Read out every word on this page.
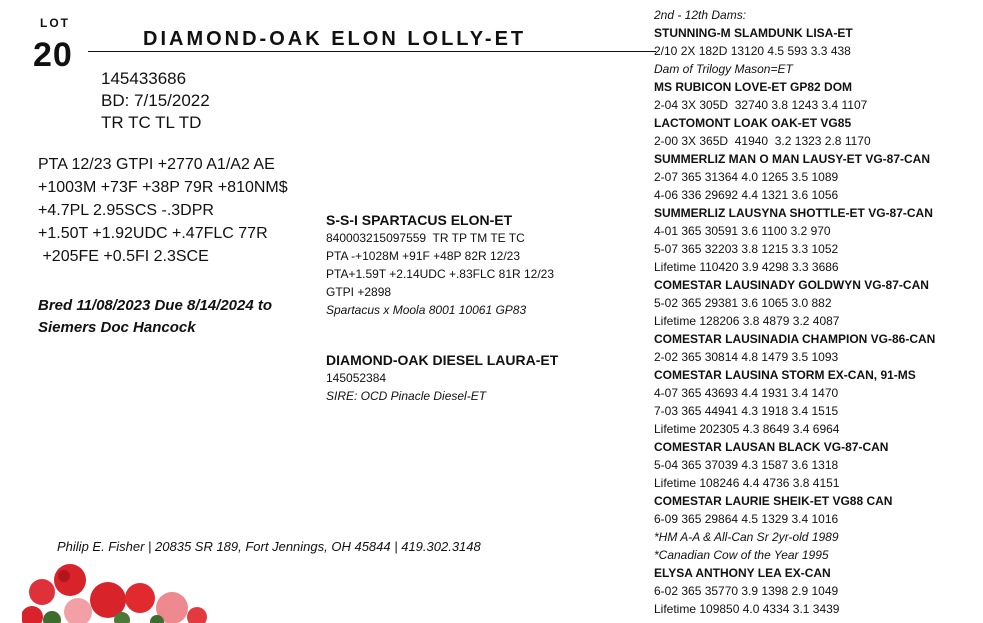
LOT
20	DIAMOND-OAK ELON LOLLY-ET
145433686
BD: 7/15/2022
TR TC TL TD
PTA 12/23 GTPI +2770 A1/A2 AE
+1003M +73F +38P 79R +810NM$
+4.7PL 2.95SCS -.3DPR
+1.50T +1.92UDC +.47FLC 77R
+205FE +0.5FI 2.3SCE
Bred 11/08/2023 Due 8/14/2024 to
Siemers Doc Hancock
S-S-I SPARTACUS ELON-ET
840003215097559  TR TP TM TE TC
PTA -+1028M +91F +48P 82R 12/23
PTA+1.59T +2.14UDC +.83FLC 81R 12/23
GTPI +2898
Spartacus x Moola 8001 10061 GP83
DIAMOND-OAK DIESEL LAURA-ET
145052384
SIRE: OCD Pinacle Diesel-ET
Philip E. Fisher | 20835 SR 189, Fort Jennings, OH 45844 | 419.302.3148
2nd - 12th Dams:
STUNNING-M SLAMDUNK LISA-ET
2/10 2X 182D 13120 4.5 593 3.3 438
Dam of Trilogy Mason=ET
MS RUBICON LOVE-ET GP82 DOM
2-04 3X 305D  32740 3.8 1243 3.4 1107
LACTOMONT LOAK OAK-ET VG85
2-00 3X 365D  41940  3.2 1323 2.8 1170
SUMMERLIZ MAN O MAN LAUSY-ET VG-87-CAN
2-07 365 31364 4.0 1265 3.5 1089
4-06 336 29692 4.4 1321 3.6 1056
SUMMERLIZ LAUSYNA SHOTTLE-ET VG-87-CAN
4-01 365 30591 3.6 1100 3.2 970
5-07 365 32203 3.8 1215 3.3 1052
Lifetime 110420 3.9 4298 3.3 3686
COMESTAR LAUSINADY GOLDWYN VG-87-CAN
5-02 365 29381 3.6 1065 3.0 882
Lifetime 128206 3.8 4879 3.2 4087
COMESTAR LAUSINADIA CHAMPION VG-86-CAN
2-02 365 30814 4.8 1479 3.5 1093
COMESTAR LAUSINA STORM EX-CAN, 91-MS
4-07 365 43693 4.4 1931 3.4 1470
7-03 365 44941 4.3 1918 3.4 1515
Lifetime 202305 4.3 8649 3.4 6964
COMESTAR LAUSAN BLACK VG-87-CAN
5-04 365 37039 4.3 1587 3.6 1318
Lifetime 108246 4.4 4736 3.8 4151
COMESTAR LAURIE SHEIK-ET VG88 CAN
6-09 365 29864 4.5 1329 3.4 1016
*HM A-A & All-Can Sr 2yr-old 1989
*Canadian Cow of the Year 1995
ELYSA ANTHONY LEA EX-CAN
6-02 365 35770 3.9 1398 2.9 1049
Lifetime 109850 4.0 4334 3.1 3439
